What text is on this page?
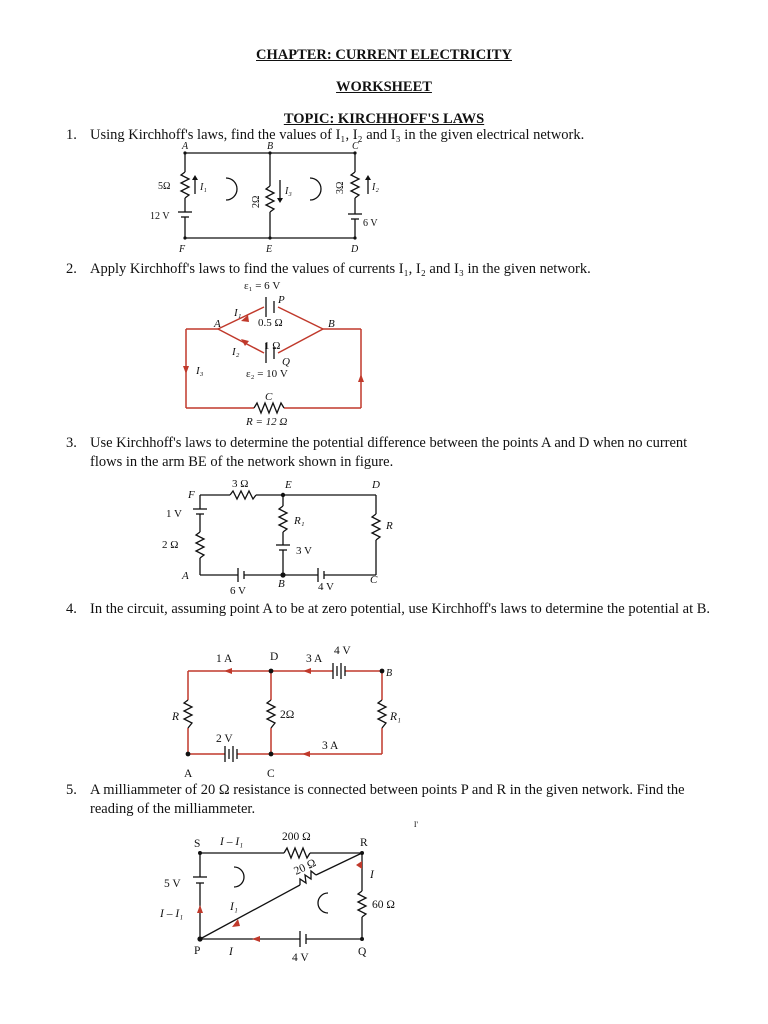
CHAPTER: CURRENT ELECTRICITY
WORKSHEET
TOPIC: KIRCHHOFF'S LAWS
1. Using Kirchhoff's laws, find the values of I₁, I₂ and I₃ in the given electrical network.
A	B	C
F	E	D
5Ω
2Ω
3Ω
I₁	I₃	I₂
12 V
6 V
2. Apply Kirchhoff's laws to find the values of currents I₁, I₂ and I₃ in the given network.
ε₁ = 6 V
P
I₁
0.5 Ω
A	B
1 Ω
I₂
Q
ε₂ = 10 V
I₃
C
R = 12 Ω
3. Use Kirchhoff's laws to determine the potential difference between the points A and D when no current flows in the arm BE of the network shown in figure.
F
3 Ω	E	D
1 V
2 Ω
R₁	R
3 V
A
B	C
6 V	4 V
4. In the circuit, assuming point A to be at zero potential, use Kirchhoff's laws to determine the potential at B.
1 A	D 3 A
4 V
B
R	2Ω	R₁
2 V
3 A
A	C
5. A milliammeter of 20 Ω resistance is connected between points P and R in the given network. Find the reading of the milliammeter.
I'
S I – I₁	200 Ω	R
5 V
20 Ω	I
60 Ω
I – I₁
I₁
P I	Q
4 V
